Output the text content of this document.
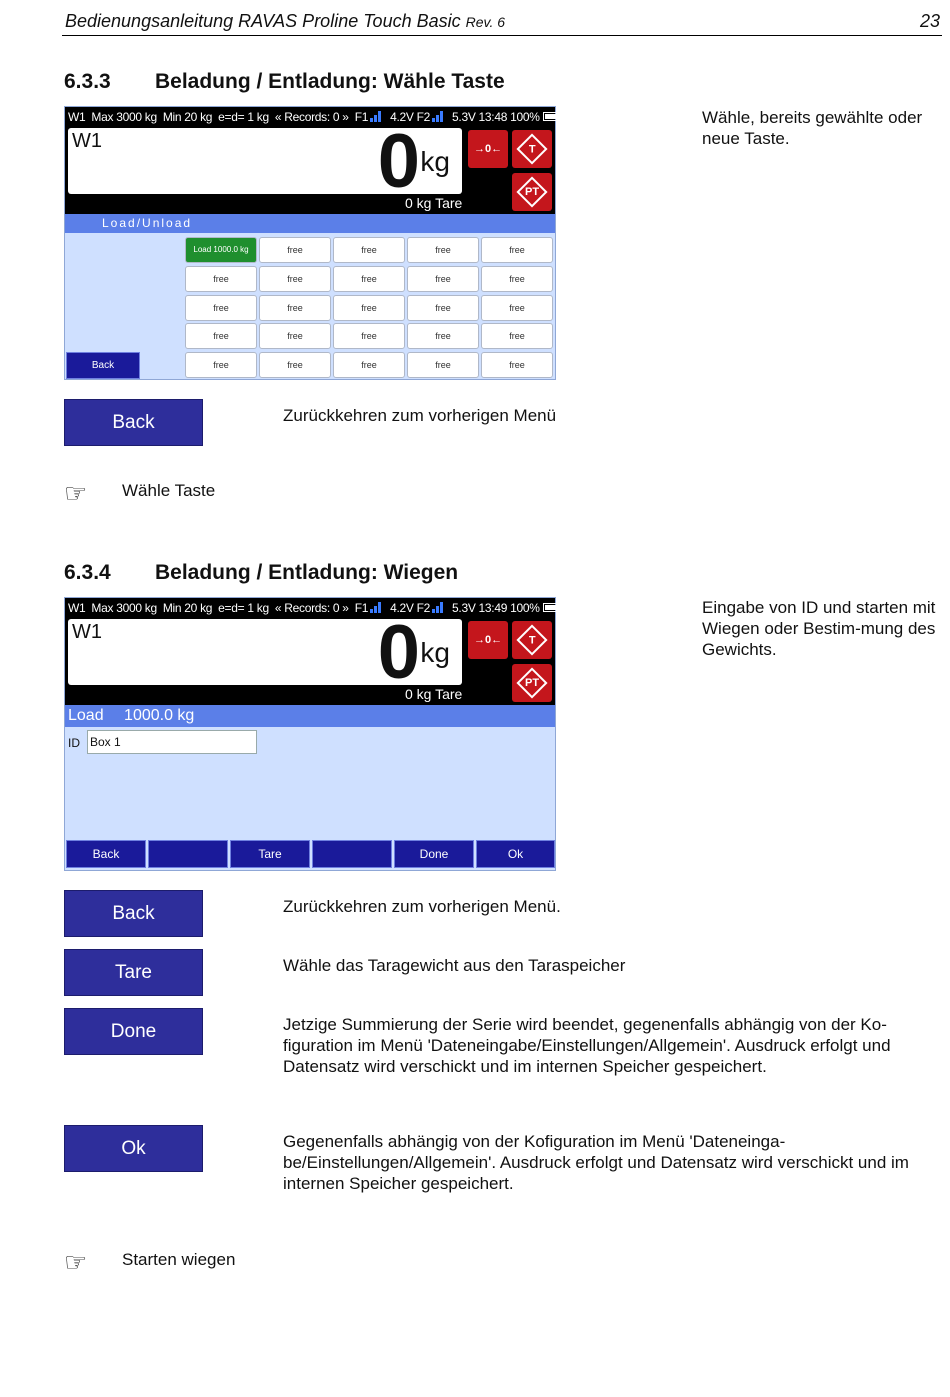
Bedienungsanleitung RAVAS Proline Touch Basic Rev. 6	23
6.3.3 Beladung / Entladung: Wähle Taste
Wähle, bereits gewählte oder neue Taste.
W1 Max 3000 kg Min 20 kg e=d= 1 kg « Records: 0 » F1 4.2V F2 5.3V 13:48 100%
W1	0 kg
0 kg Tare
→0← T
PT
Load/Unload
Load 1000.0 kg	free	free	free	free
free	free	free	free	free
free	free	free	free	free
free	free	free	free	free
free	free	free	free	free
Back
Back	Zurückkehren zum vorherigen Menü
☞ Wähle Taste
6.3.4 Beladung / Entladung: Wiegen
Eingabe von ID und starten mit Wiegen oder Bestim-mung des Gewichts.
W1 Max 3000 kg Min 20 kg e=d= 1 kg « Records: 0 » F1 4.2V F2 5.3V 13:49 100%
W1	0 kg
0 kg Tare
→0← T
PT
Load 1000.0 kg
ID Box 1
Back	Tare	Done	Ok
Back	Zurückkehren zum vorherigen Menü.
Tare	Wähle das Taragewicht aus den Taraspeicher
Done	Jetzige Summierung der Serie wird beendet, gegenenfalls abhängig von der Ko-figuration im Menü 'Dateneingabe/Einstellungen/Allgemein'. Ausdruck erfolgt und Datensatz wird verschickt und im internen Speicher gespeichert.
Ok	Gegenenfalls abhängig von der Kofiguration im Menü 'Dateneinga-be/Einstellungen/Allgemein'. Ausdruck erfolgt und Datensatz wird verschickt und im internen Speicher gespeichert.
☞ Starten wiegen
